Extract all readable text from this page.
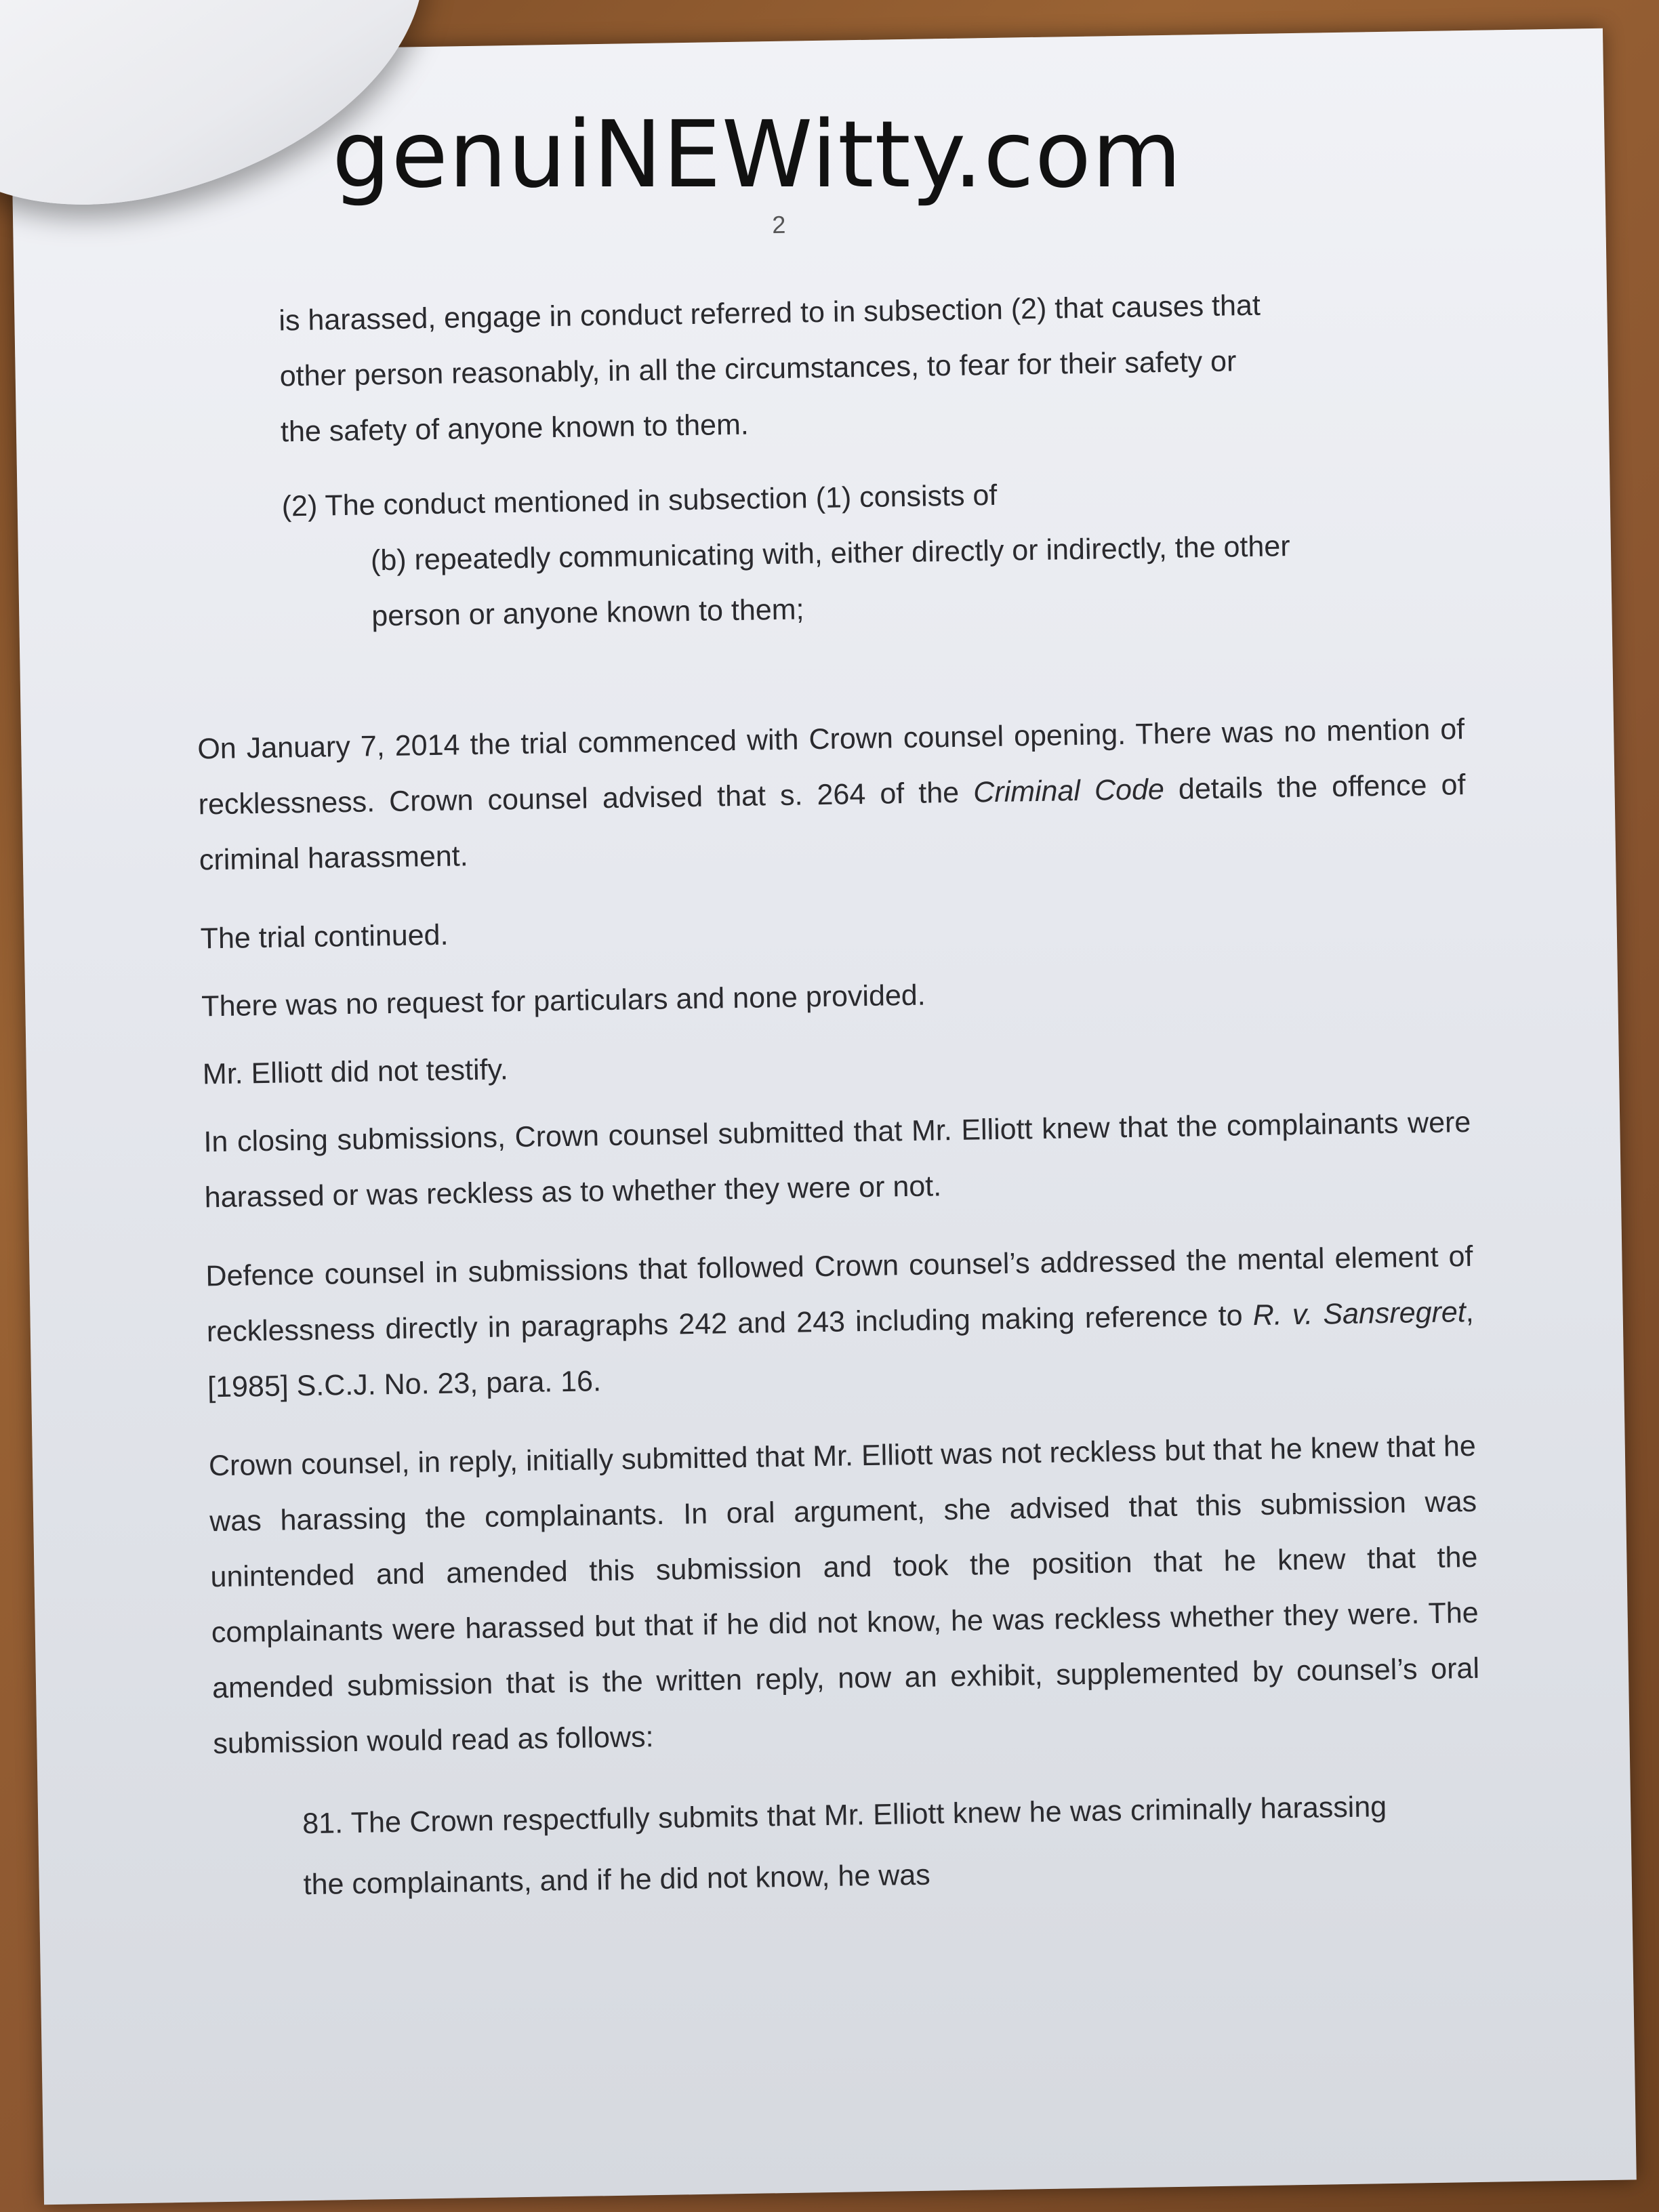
genuiNEWitty.com
2

is harassed, engage in conduct referred to in subsection (2) that causes that other person reasonably, in all the circumstances, to fear for their safety or the safety of anyone known to them.

(2) The conduct mentioned in subsection (1) consists of

(b) repeatedly communicating with, either directly or indirectly, the other person or anyone known to them;

On January 7, 2014 the trial commenced with Crown counsel opening. There was no mention of recklessness. Crown counsel advised that s. 264 of the Criminal Code details the offence of criminal harassment.

The trial continued.

There was no request for particulars and none provided.

Mr. Elliott did not testify.

In closing submissions, Crown counsel submitted that Mr. Elliott knew that the complainants were harassed or was reckless as to whether they were or not.

Defence counsel in submissions that followed Crown counsel’s addressed the mental element of recklessness directly in paragraphs 242 and 243 including making reference to R. v. Sansregret, [1985] S.C.J. No. 23, para. 16.

Crown counsel, in reply, initially submitted that Mr. Elliott was not reckless but that he knew that he was harassing the complainants. In oral argument, she advised that this submission was unintended and amended this submission and took the position that he knew that the complainants were harassed but that if he did not know, he was reckless whether they were. The amended submission that is the written reply, now an exhibit, supplemented by counsel’s oral submission would read as follows:

81. The Crown respectfully submits that Mr. Elliott knew he was criminally harassing the complainants, and if he did not know, he was
